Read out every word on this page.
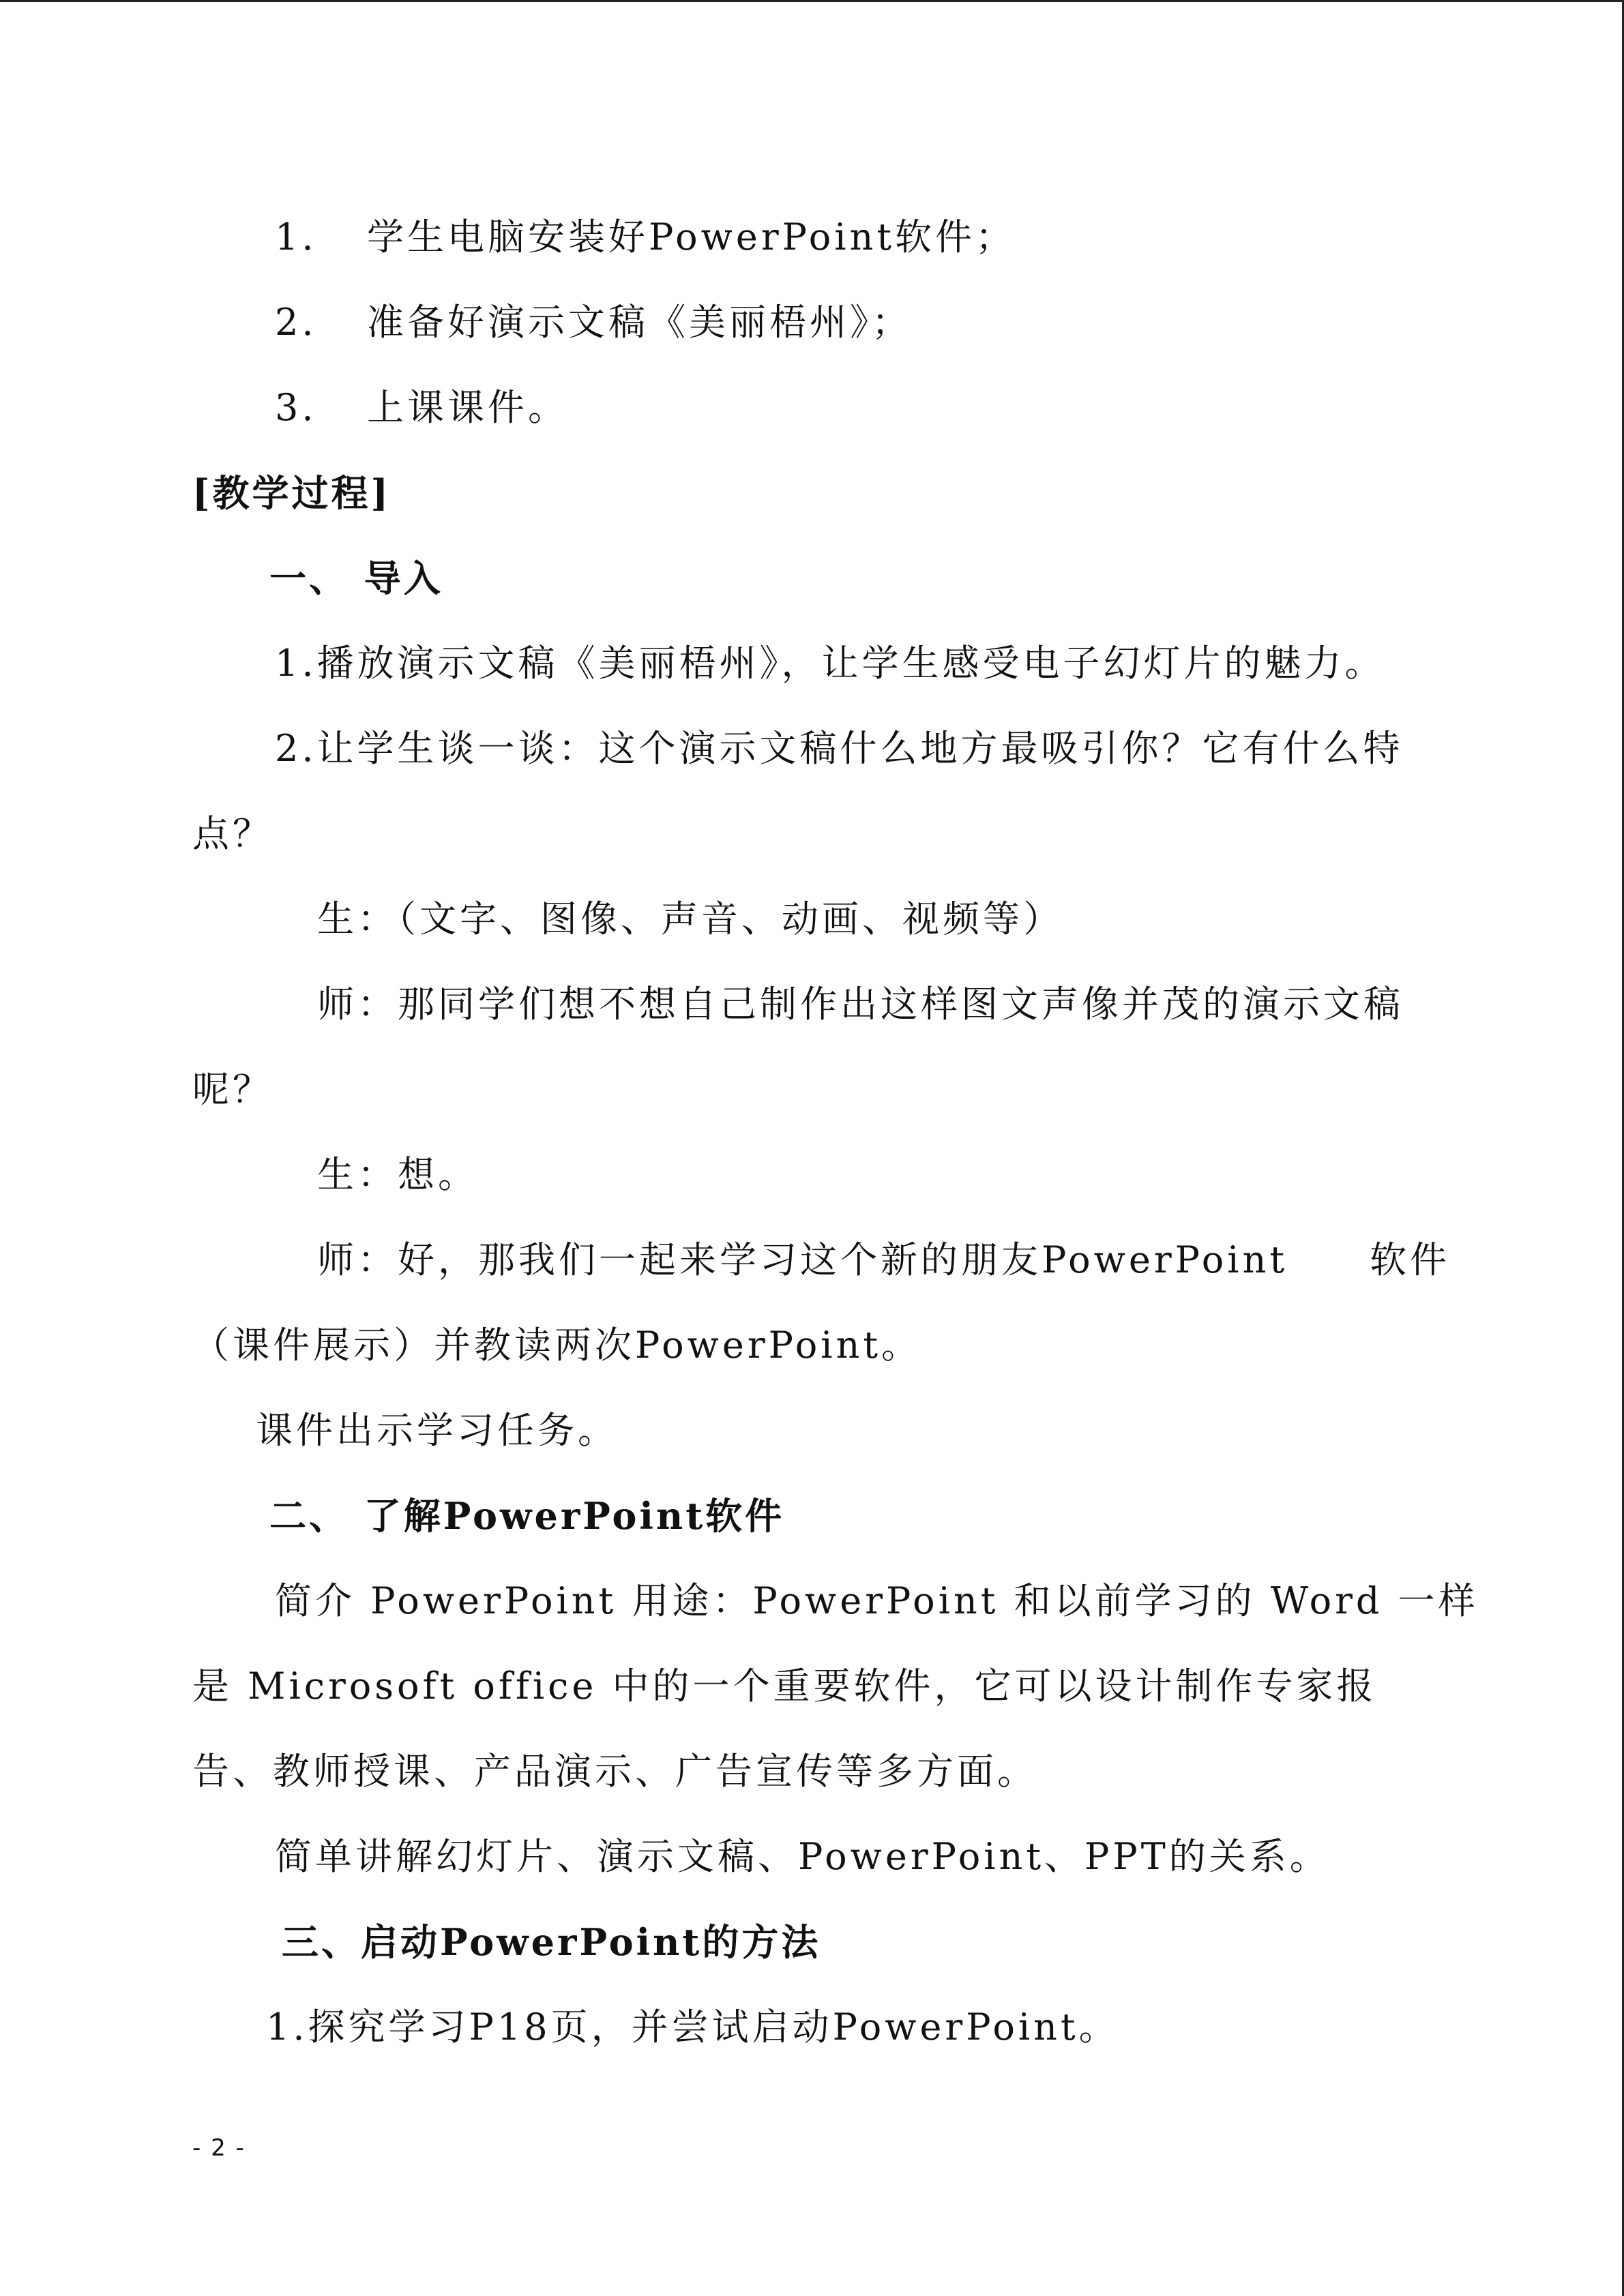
1. 学生电脑安装好PowerPoint软件；
2. 准备好演示文稿《美丽梧州》；
3. 上课课件。
[教学过程]
一、 导入
1.播放演示文稿《美丽梧州》，让学生感受电子幻灯片的魅力。
2.让学生谈一谈：这个演示文稿什么地方最吸引你？它有什么特
点？
生：（文字、图像、声音、动画、视频等）
师：那同学们想不想自己制作出这样图文声像并茂的演示文稿
呢？
生：想。
师：好，那我们一起来学习这个新的朋友PowerPoint 软件
（课件展示）并教读两次PowerPoint。
课件出示学习任务。
二、 了解PowerPoint软件
简介 PowerPoint 用途：PowerPoint 和以前学习的 Word 一样
是 Microsoft office 中的一个重要软件，它可以设计制作专家报
告、教师授课、产品演示、广告宣传等多方面。
简单讲解幻灯片、演示文稿、PowerPoint、PPT的关系。
三、启动PowerPoint的方法
1.探究学习P18页，并尝试启动PowerPoint。
- 2 -
